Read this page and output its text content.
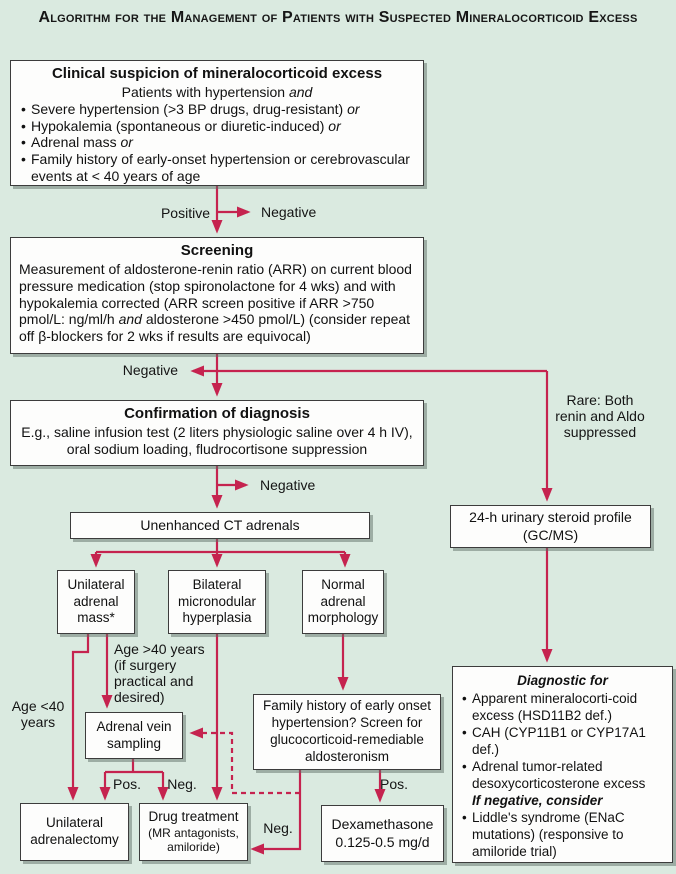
Algorithm for the Management of Patients with Suspected Mineralocorticoid Excess
Clinical suspicion of mineralocorticoid excess
Patients with hypertension and
• Severe hypertension (>3 BP drugs, drug-resistant) or
• Hypokalemia (spontaneous or diuretic-induced) or
• Adrenal mass or
• Family history of early-onset hypertension or cerebrovascular events at < 40 years of age
Positive	Negative
Screening
Measurement of aldosterone-renin ratio (ARR) on current blood pressure medication (stop spironolactone for 4 wks) and with hypokalemia corrected (ARR screen positive if ARR >750 pmol/L: ng/ml/h and aldosterone >450 pmol/L) (consider repeat off β-blockers for 2 wks if results are equivocal)
Negative
Rare: Both renin and Aldo suppressed
Confirmation of diagnosis
E.g., saline infusion test (2 liters physiologic saline over 4 h IV), oral sodium loading, fludrocortisone suppression
Negative
Unenhanced CT adrenals
Unilateral adrenal mass*
Bilateral micronodular hyperplasia
Normal adrenal morphology
Age >40 years (if surgery practical and desired)
Age <40 years	Adrenal vein sampling
Family history of early onset hypertension? Screen for glucocorticoid-remediable aldosteronism
Pos.	Neg.	Pos.
Neg.
Unilateral adrenalectomy
Drug treatment
(MR antagonists, amiloride)
Dexamethasone 0.125-0.5 mg/d
24-h urinary steroid profile (GC/MS)
Diagnostic for
• Apparent mineralocorti-coid excess (HSD11B2 def.)
• CAH (CYP11B1 or CYP17A1 def.)
• Adrenal tumor-related desoxycorticosterone excess
If negative, consider
• Liddle's syndrome (ENaC mutations) (responsive to amiloride trial)
